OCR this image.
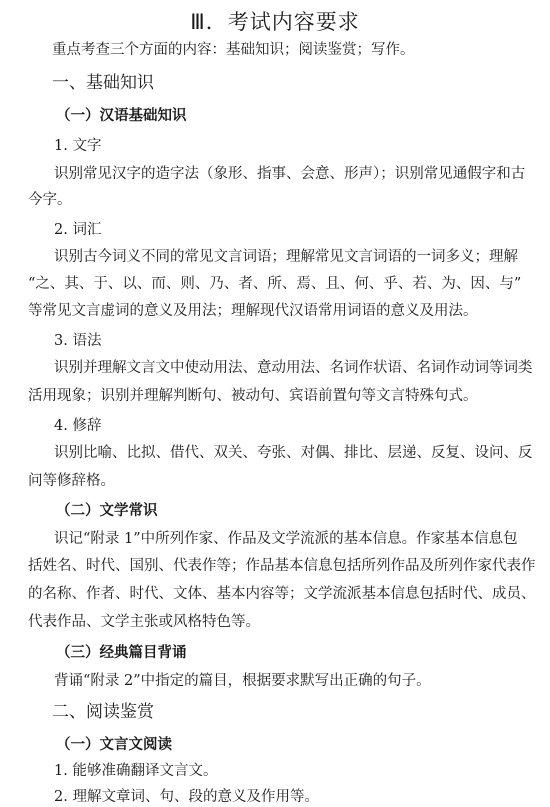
Ⅲ．考试内容要求
重点考查三个方面的内容：基础知识；阅读鉴赏；写作。
一、基础知识
（一）汉语基础知识
1. 文字
识别常见汉字的造字法（象形、指事、会意、形声）；识别常见通假字和古
今字。
2. 词汇
识别古今词义不同的常见文言词语；理解常见文言词语的一词多义；理解
“之、其、于、以、而、则、乃、者、所、焉、且、何、乎、若、为、因、与”
等常见文言虚词的意义及用法；理解现代汉语常用词语的意义及用法。
3. 语法
识别并理解文言文中使动用法、意动用法、名词作状语、名词作动词等词类
活用现象；识别并理解判断句、被动句、宾语前置句等文言特殊句式。
4. 修辞
识别比喻、比拟、借代、双关、夸张、对偶、排比、层递、反复、设问、反
问等修辞格。
（二）文学常识
识记“附录 1”中所列作家、作品及文学流派的基本信息。作家基本信息包
括姓名、时代、国别、代表作等；作品基本信息包括所列作品及所列作家代表作
的名称、作者、时代、文体、基本内容等；文学流派基本信息包括时代、成员、
代表作品、文学主张或风格特色等。
（三）经典篇目背诵
背诵“附录 2”中指定的篇目，根据要求默写出正确的句子。
二、阅读鉴赏
（一）文言文阅读
1. 能够准确翻译文言文。
2. 理解文章词、句、段的意义及作用等。
